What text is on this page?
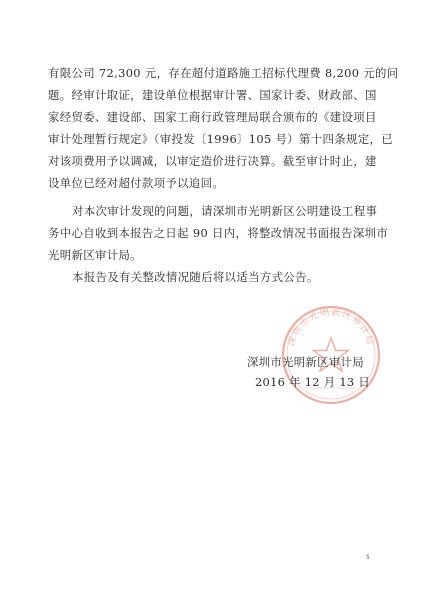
有限公司 72,300 元，存在超付道路施工招标代理费 8,200 元的问
题。经审计取证，建设单位根据审计署、国家计委、财政部、国
家经贸委、建设部、国家工商行政管理局联合颁布的《建设项目
审计处理暂行规定》（审投发〔1996〕105 号）第十四条规定，已
对该项费用予以调减，以审定造价进行决算。截至审计时止，建
设单位已经对超付款项予以追回。
对本次审计发现的问题，请深圳市光明新区公明建设工程事
务中心自收到本报告之日起 90 日内，将整改情况书面报告深圳市
光明新区审计局。
本报告及有关整改情况随后将以适当方式公告。
深圳市光明新区审计局
深圳市光明新区审计局
2016 年 12 月 13 日
5
